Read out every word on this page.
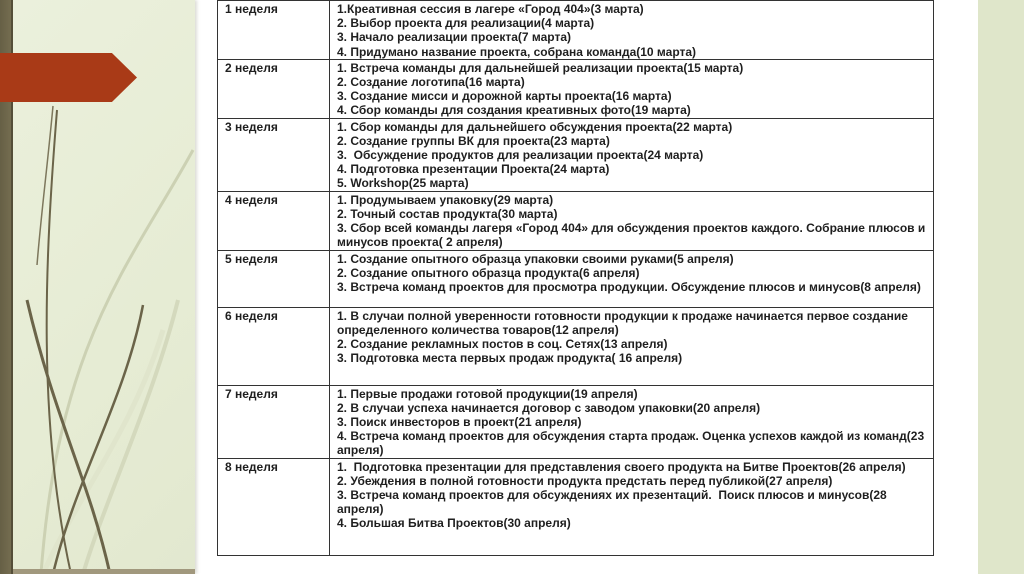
1 неделя	1.Креативная сессия в лагере «Город 404»(3 марта)
2. Выбор проекта для реализации(4 марта)
3. Начало реализации проекта(7 марта)
4. Придумано название проекта, собрана команда(10 марта)

2 неделя	1. Встреча команды для дальнейшей реализации проекта(15 марта)
2. Создание логотипа(16 марта)
3. Создание мисси и дорожной карты проекта(16 марта)
4. Сбор команды для создания креативных фото(19 марта)

3 неделя	1. Сбор команды для дальнейшего обсуждения проекта(22 марта)
2. Создание группы ВК для проекта(23 марта)
3.  Обсуждение продуктов для реализации проекта(24 марта)
4. Подготовка презентации Проекта(24 марта)
5. Workshop(25 марта)

4 неделя	1. Продумываем упаковку(29 марта)
2. Точный состав продукта(30 марта)
3. Сбор всей команды лагеря «Город 404» для обсуждения проектов каждого. Собрание плюсов и минусов проекта( 2 апреля)

5 неделя	1. Создание опытного образца упаковки своими руками(5 апреля)
2. Создание опытного образца продукта(6 апреля)
3. Встреча команд проектов для просмотра продукции. Обсуждение плюсов и минусов(8 апреля)

6 неделя	1. В случаи полной уверенности готовности продукции к продаже начинается первое создание определенного количества товаров(12 апреля)
2. Создание рекламных постов в соц. Сетях(13 апреля)
3. Подготовка места первых продаж продукта( 16 апреля)

7 неделя	1. Первые продажи готовой продукции(19 апреля)
2. В случаи успеха начинается договор с заводом упаковки(20 апреля)
3. Поиск инвесторов в проект(21 апреля)
4. Встреча команд проектов для обсуждения старта продаж. Оценка успехов каждой из команд(23 апреля)

8 неделя	1.  Подготовка презентации для представления своего продукта на Битве Проектов(26 апреля)
2. Убеждения в полной готовности продукта предстать перед публикой(27 апреля)
3. Встреча команд проектов для обсуждениях их презентаций.  Поиск плюсов и минусов(28 апреля)
4. Большая Битва Проектов(30 апреля)
